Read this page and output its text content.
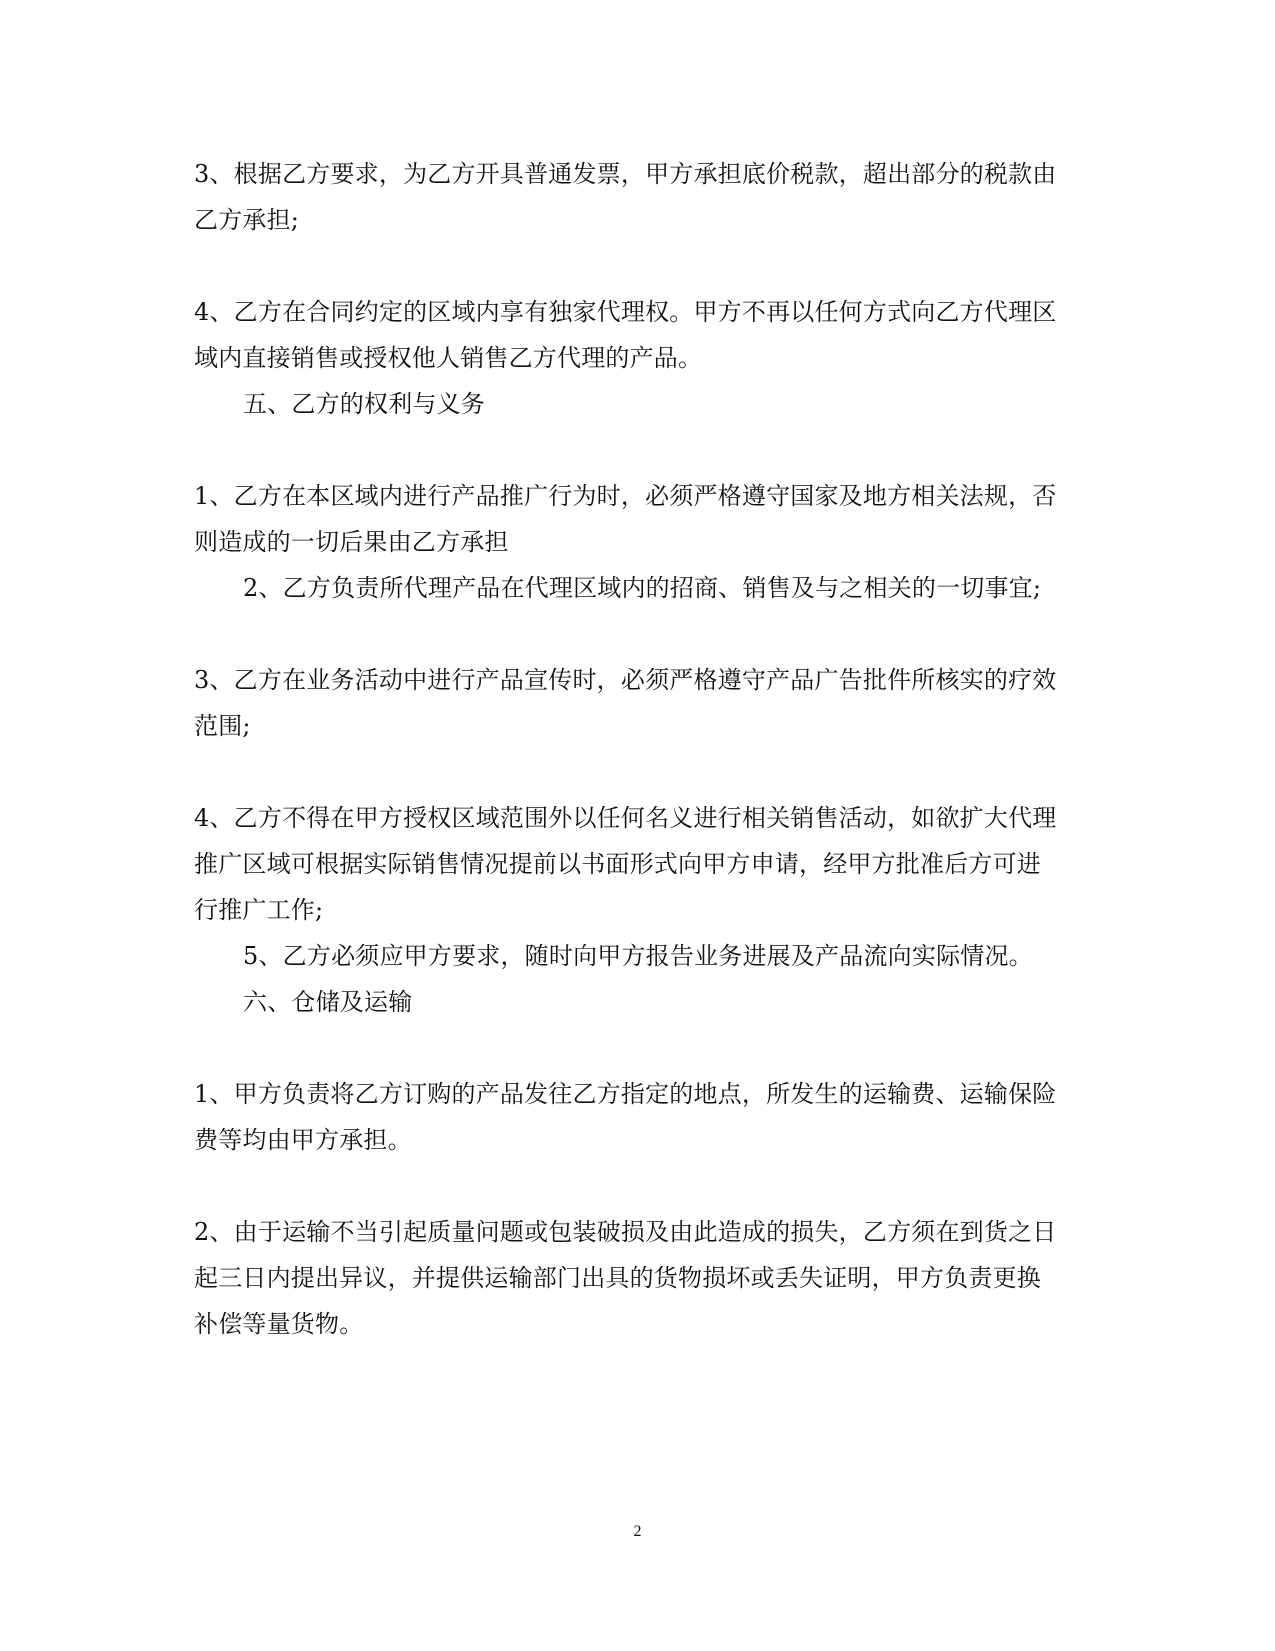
3、根据乙方要求，为乙方开具普通发票，甲方承担底价税款，超出部分的税款由
乙方承担;
4、乙方在合同约定的区域内享有独家代理权。甲方不再以任何方式向乙方代理区
域内直接销售或授权他人销售乙方代理的产品。
五、乙方的权利与义务
1、乙方在本区域内进行产品推广行为时，必须严格遵守国家及地方相关法规，否
则造成的一切后果由乙方承担
2、乙方负责所代理产品在代理区域内的招商、销售及与之相关的一切事宜;
3、乙方在业务活动中进行产品宣传时，必须严格遵守产品广告批件所核实的疗效
范围;
4、乙方不得在甲方授权区域范围外以任何名义进行相关销售活动，如欲扩大代理
推广区域可根据实际销售情况提前以书面形式向甲方申请，经甲方批准后方可进
行推广工作;
5、乙方必须应甲方要求，随时向甲方报告业务进展及产品流向实际情况。
六、仓储及运输
1、甲方负责将乙方订购的产品发往乙方指定的地点，所发生的运输费、运输保险
费等均由甲方承担。
2、由于运输不当引起质量问题或包装破损及由此造成的损失，乙方须在到货之日
起三日内提出异议，并提供运输部门出具的货物损坏或丢失证明，甲方负责更换
补偿等量货物。
2
